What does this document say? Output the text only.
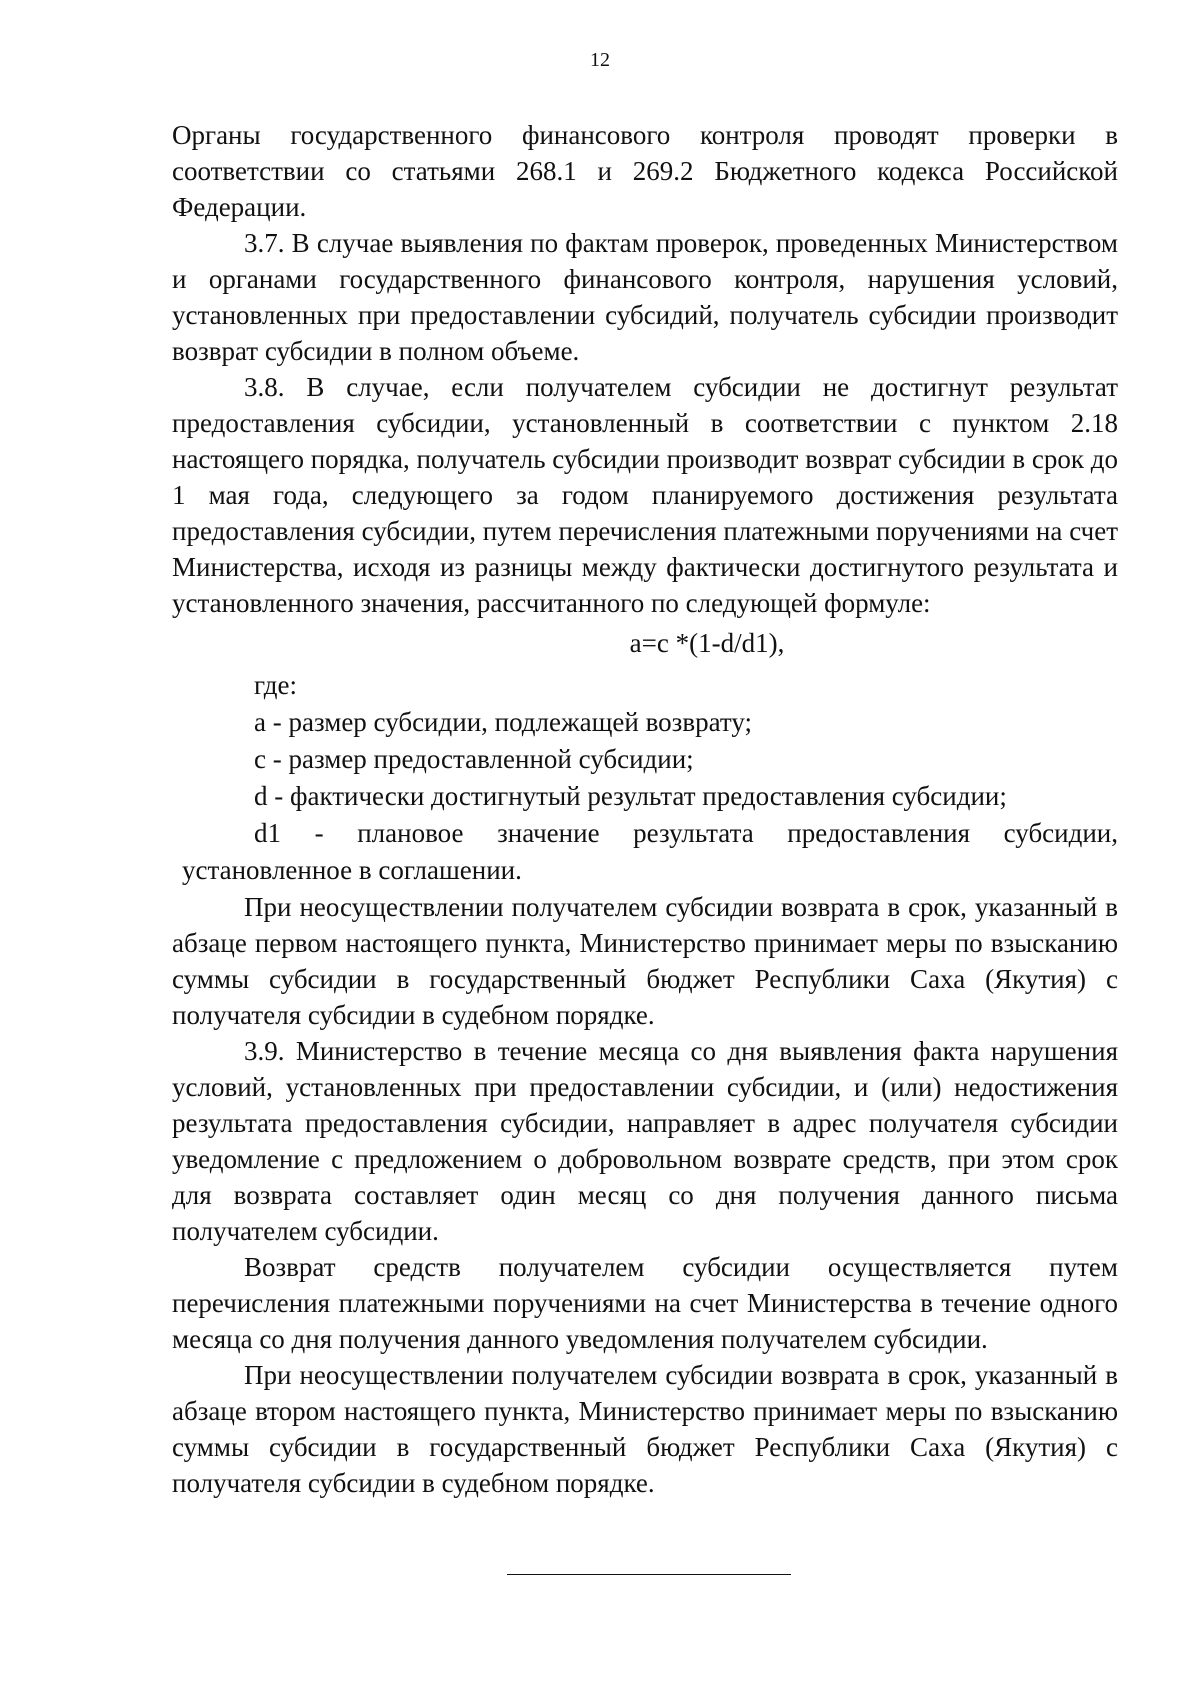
12

Органы государственного финансового контроля проводят проверки в соответствии со статьями 268.1 и 269.2 Бюджетного кодекса Российской Федерации.

3.7. В случае выявления по фактам проверок, проведенных Министерством и органами государственного финансового контроля, нарушения условий, установленных при предоставлении субсидий, получатель субсидии производит возврат субсидии в полном объеме.

3.8. В случае, если получателем субсидии не достигнут результат предоставления субсидии, установленный в соответствии с пунктом 2.18 настоящего порядка, получатель субсидии производит возврат субсидии в срок до 1 мая года, следующего за годом планируемого достижения результата предоставления субсидии, путем перечисления платежными поручениями на счет Министерства, исходя из разницы между фактически достигнутого результата и установленного значения, рассчитанного по следующей формуле:

a=c *(1-d/d1),

где:

a - размер субсидии, подлежащей возврату;

c - размер предоставленной субсидии;

d - фактически достигнутый результат предоставления субсидии;

d1 - плановое значение результата предоставления субсидии,

установленное в соглашении.

При неосуществлении получателем субсидии возврата в срок, указанный в абзаце первом настоящего пункта, Министерство принимает меры по взысканию суммы субсидии в государственный бюджет Республики Саха (Якутия) с получателя субсидии в судебном порядке.

3.9. Министерство в течение месяца со дня выявления факта нарушения условий, установленных при предоставлении субсидии, и (или) недостижения результата предоставления субсидии, направляет в адрес получателя субсидии уведомление с предложением о добровольном возврате средств, при этом срок для возврата составляет один месяц со дня получения данного письма получателем субсидии.

Возврат средств получателем субсидии осуществляется путем перечисления платежными поручениями на счет Министерства в течение одного месяца со дня получения данного уведомления получателем субсидии.

При неосуществлении получателем субсидии возврата в срок, указанный в абзаце втором настоящего пункта, Министерство принимает меры по взысканию суммы субсидии в государственный бюджет Республики Саха (Якутия) с получателя субсидии в судебном порядке.
